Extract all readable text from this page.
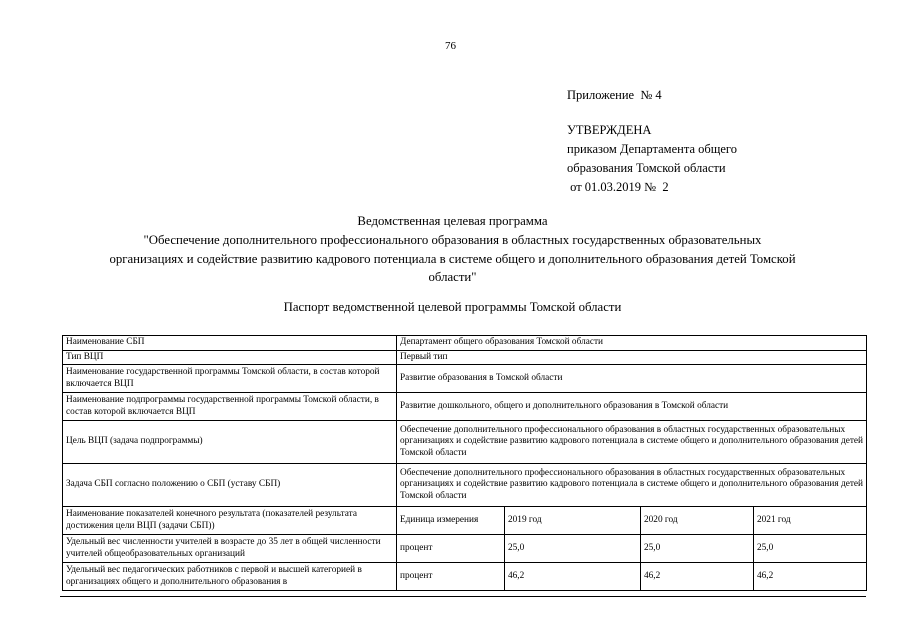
76
Приложение  № 4
УТВЕРЖДЕНА
приказом Департамента общего
образования Томской области
от 01.03.2019 №  2
Ведомственная целевая программа
"Обеспечение дополнительного профессионального образования в областных государственных образовательных
организациях и содействие развитию кадрового потенциала в системе общего и дополнительного образования детей Томской
области"
Паспорт ведомственной целевой программы Томской области
Наименование СБП	Департамент общего образования Томской области			
Тип ВЦП	Первый тип			
Наименование государственной программы Томской области, в состав которой включается ВЦП	Развитие образования в Томской области			
Наименование подпрограммы государственной программы Томской области, в состав которой включается ВЦП	Развитие дошкольного, общего и дополнительного образования в Томской области			
Цель ВЦП (задача подпрограммы)	Обеспечение дополнительного профессионального образования в областных государственных образовательных организациях и содействие развитию кадрового потенциала в системе общего и дополнительного образования детей Томской области			
Задача СБП согласно положению о СБП (уставу СБП)	Обеспечение дополнительного профессионального образования в областных государственных образовательных организациях и содействие развитию кадрового потенциала в системе общего и дополнительного образования детей Томской области			
Наименование показателей конечного результата (показателей результата достижения цели ВЦП (задачи СБП))	Единица измерения	2019 год	2020 год	2021 год
Удельный вес численности учителей в возрасте до 35 лет в общей численности учителей общеобразовательных организаций	процент	25,0	25,0	25,0
Удельный вес педагогических работников с первой и высшей категорией в организациях общего и дополнительного образования в	процент	46,2	46,2	46,2
